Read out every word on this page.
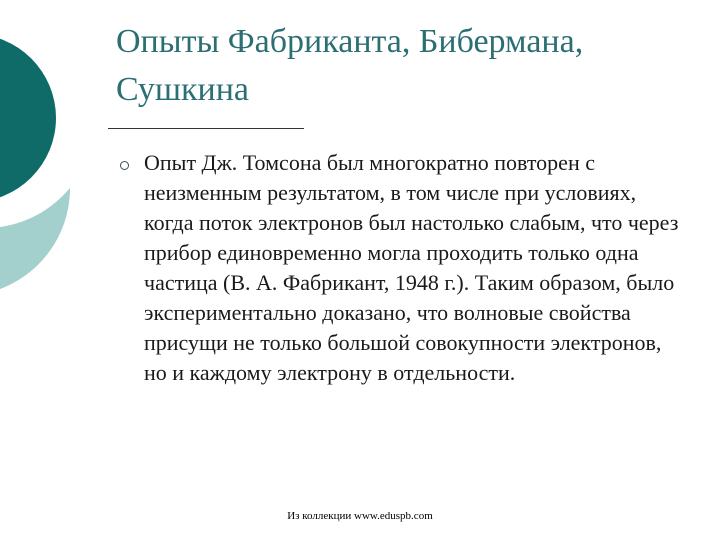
Опыты Фабриканта, Бибермана, Сушкина
Опыт Дж. Томсона был многократно повторен с неизменным результатом, в том числе при условиях, когда поток электронов был настолько слабым, что через прибор единовременно могла проходить только одна частица (В. А. Фабрикант, 1948 г.). Таким образом, было экспериментально доказано, что волновые свойства присущи не только большой совокупности электронов, но и каждому электрону в отдельности.
Из коллекции www.eduspb.com
